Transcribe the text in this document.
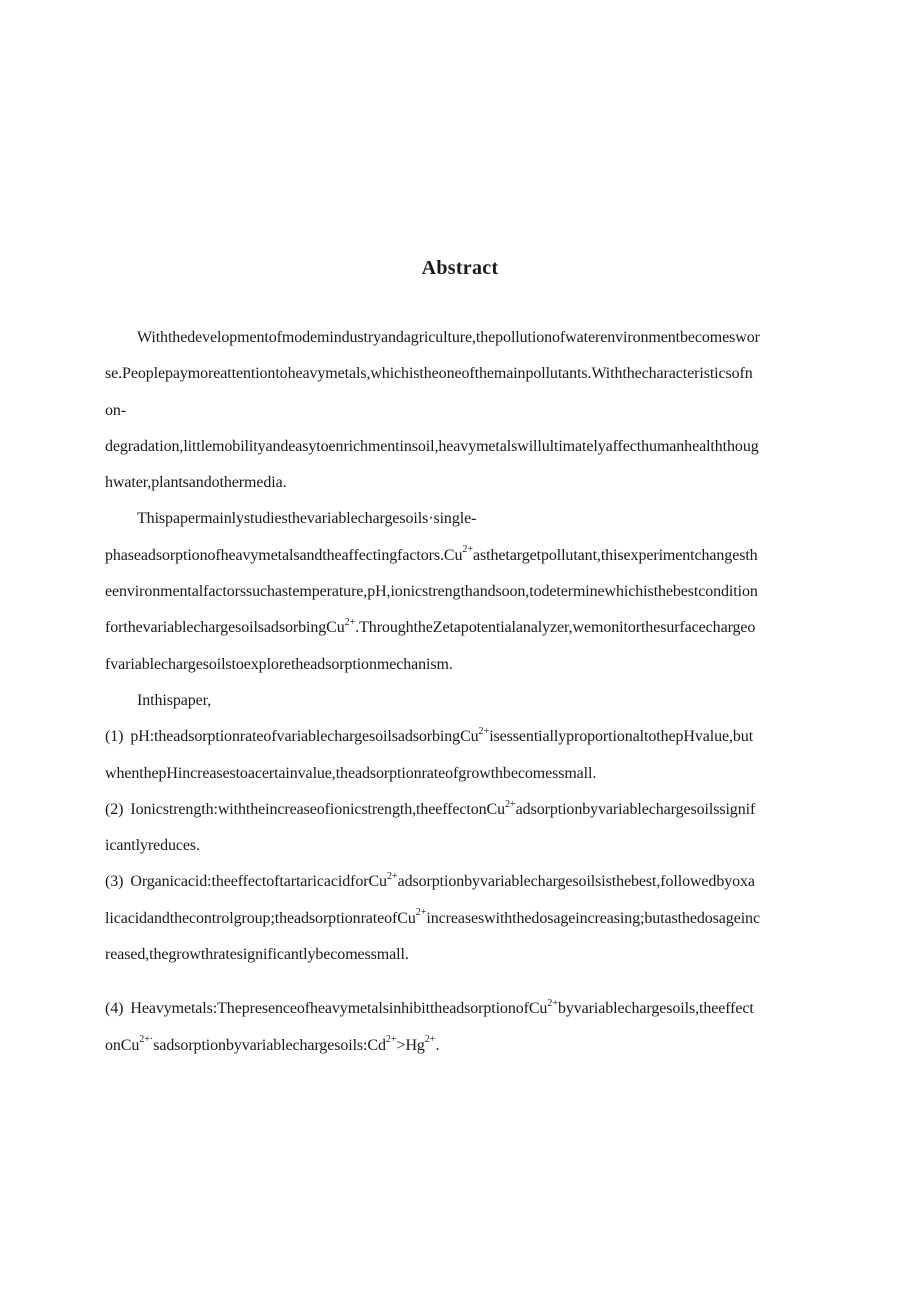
Abstract
Withthedevelopmentofmodemindustryandagriculture,thepollutionofwaterenvironmentbecomeswor
se.Peoplepaymoreattentiontoheavymetals,whichistheoneofthemainpollutants.Withthecharacteristicsofn
on-
degradation,littlemobilityandeasytoenrichmentinsoil,heavymetalswillultimatelyaffecthumanhealththoug
hwater,plantsandothermedia.
Thispapermainlystudiesthevariablechargesoils·single-
$phaseadsorptionofheavymetalsandtheaffectingfactors.Cu^{2+}asthetargetpollutant,thisexperimentchangesth$
eenvironmentalfactorssuchastemperature,pH,ionicstrengthandsoon,todeterminewhichisthebestcondition
forthevariablechargesoilsadsorbingCu$^{2+}$.ThroughtheZetapotentialanalyzer,wemonitorthesurfacechargeo
fvariablechargesoilstoexploretheadsorptionmechanism.
Inthispaper,
(1) pH:theadsorptionrateofvariablechargesoilsadsorbingCu$^{2+}$isessentiallyproportionaltothepHvalue,but
whenthepHincreasestoacertainvalue,theadsorptionrateofgrowthbecomessmall.
(2) Ionicstrength:withtheincreaseofionicstrength,theeffectonCu$^{2+}$adsorptionbyvariablechargesoilssignif
icantlyreduces.
(3) Organicacid:theeffectoftartaricacidforCu$^{2+}$adsorptionbyvariablechargesoilsisthebest,followedbyoxa
licacidandthecontrolgroup;theadsorptionrateofCu$^{2+}$increaseswiththedosageincreasing;butasthedosageinc
reased,thegrowthratesignificantlybecomessmall.
(4) Heavymetals:ThepresenceofheavymetalsinhibittheadsorptionofCu$^{2+}$byvariablechargesoils,theeffect
$onCu^{2+\cdot}sadsorptionbyvariablechargesoils:Cd^{2+}>Hg^{2+}$.
